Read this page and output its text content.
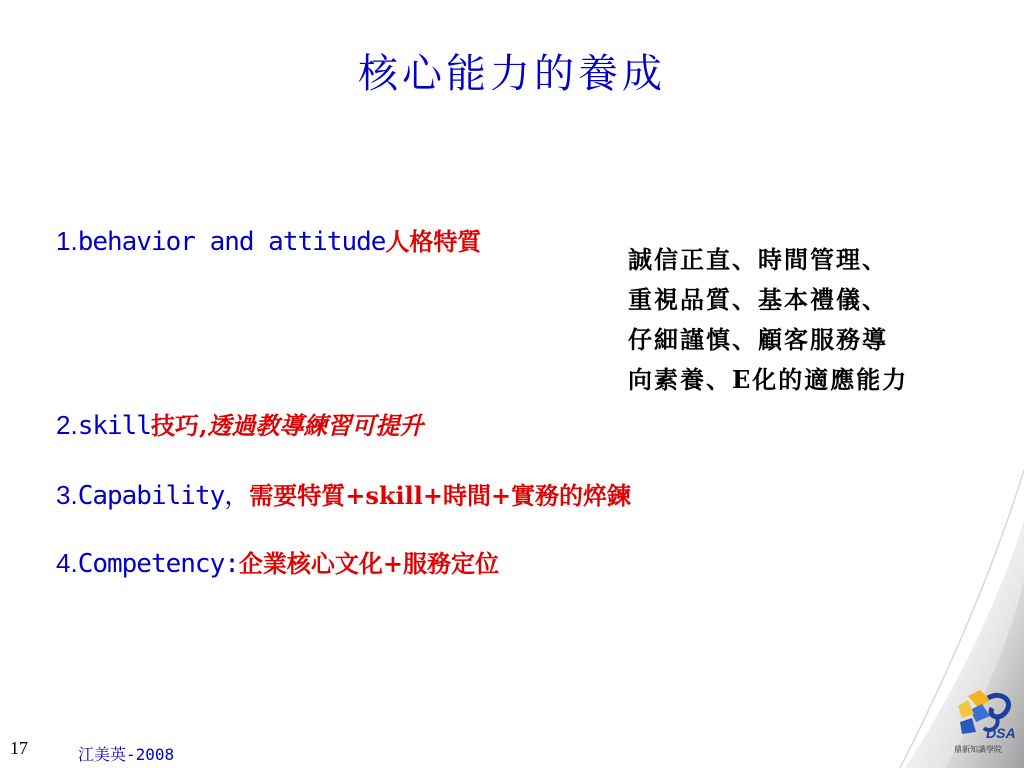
核心能力的養成
1.behavior and attitude人格特質
2.skill技巧,透過教導練習可提升
3.Capability，需要特質+skill+時間+實務的焠鍊
4.Competency:企業核心文化+服務定位
誠信正直、時間管理、
重視品質、基本禮儀、
仔細謹慎、顧客服務導
向素養、E化的適應能力
17	江美英-2008
DSA
鼎新知識學院
